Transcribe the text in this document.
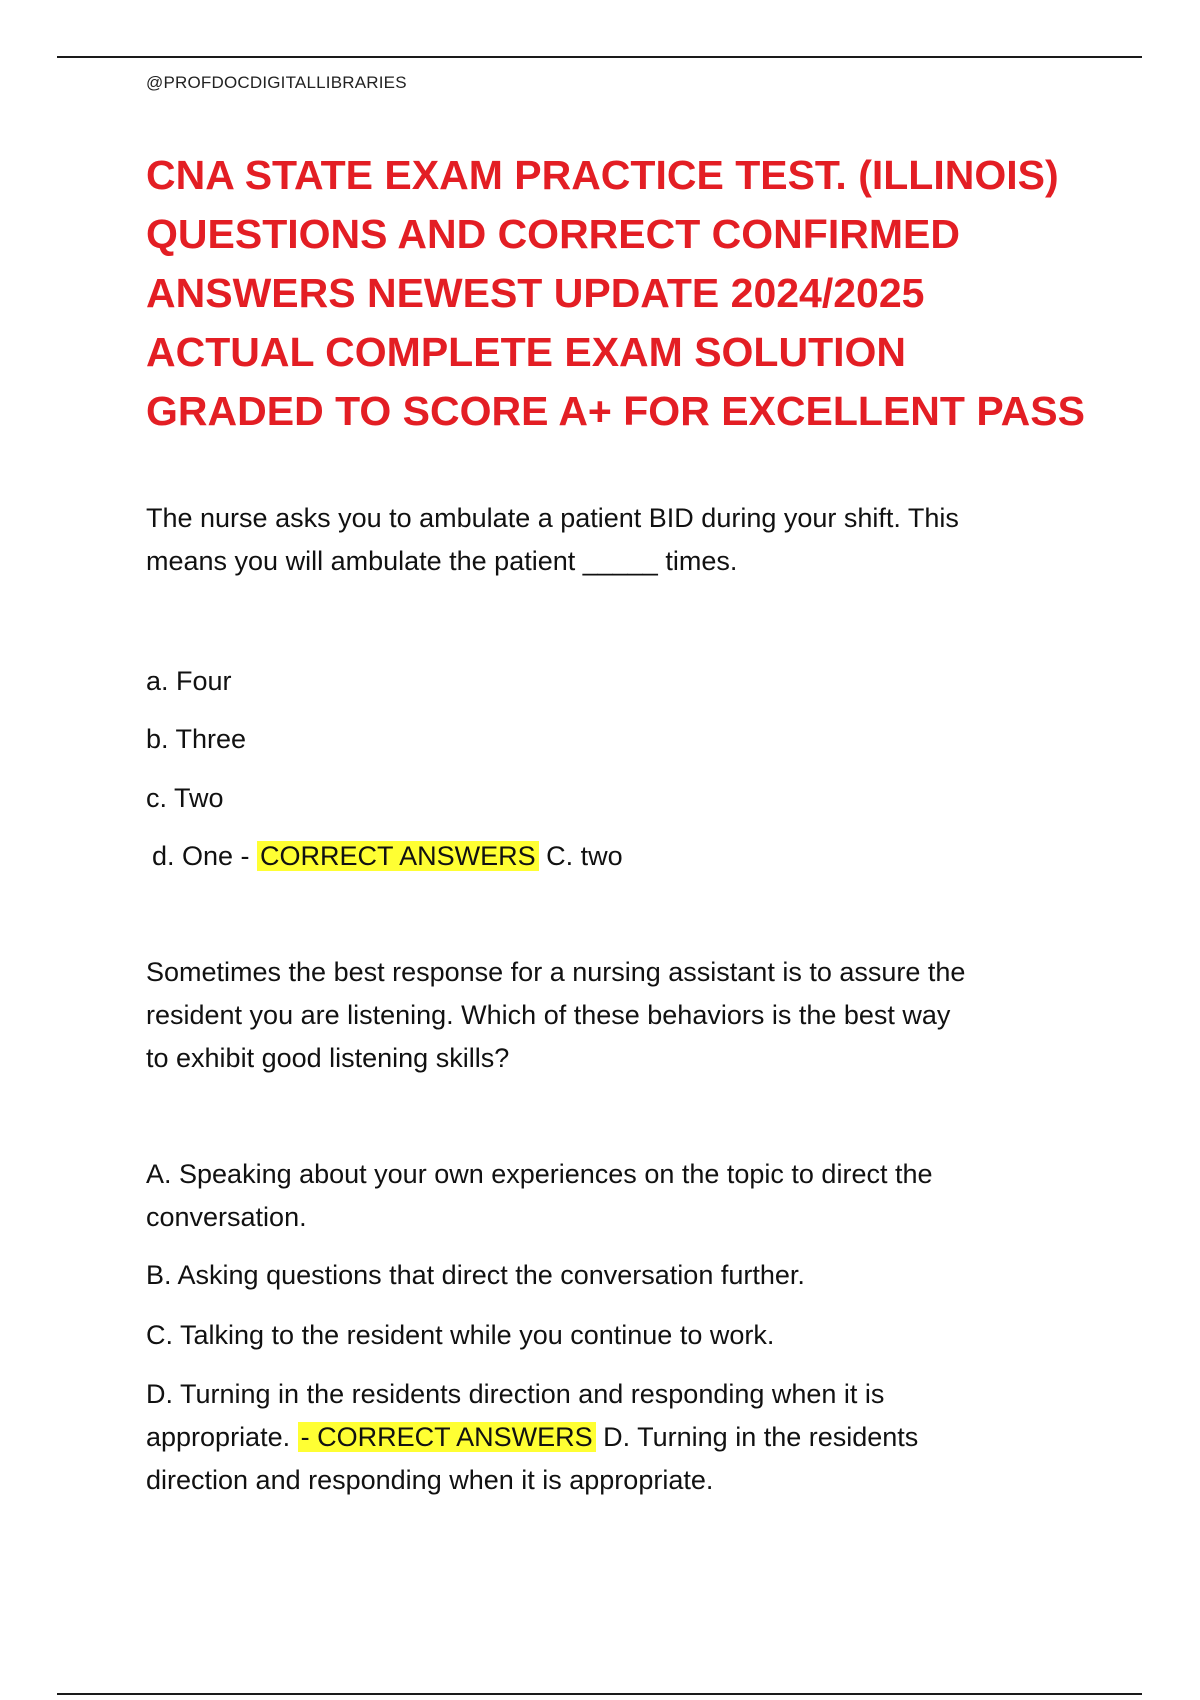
@PROFDOCDIGITALLIBRARIES
CNA STATE EXAM PRACTICE TEST. (ILLINOIS)
QUESTIONS AND CORRECT CONFIRMED
ANSWERS NEWEST UPDATE 2024/2025
ACTUAL COMPLETE EXAM SOLUTION
GRADED TO SCORE A+ FOR EXCELLENT PASS

The nurse asks you to ambulate a patient BID during your shift. This

means you will ambulate the patient _____ times.

a. Four
b. Three
c. Two
d. One - CORRECT ANSWERS C. two

Sometimes the best response for a nursing assistant is to assure the

resident you are listening. Which of these behaviors is the best way

to exhibit good listening skills?

A. Speaking about your own experiences on the topic to direct the
conversation.
B. Asking questions that direct the conversation further.
C. Talking to the resident while you continue to work.
D. Turning in the residents direction and responding when it is
appropriate. - CORRECT ANSWERS D. Turning in the residents
direction and responding when it is appropriate.
